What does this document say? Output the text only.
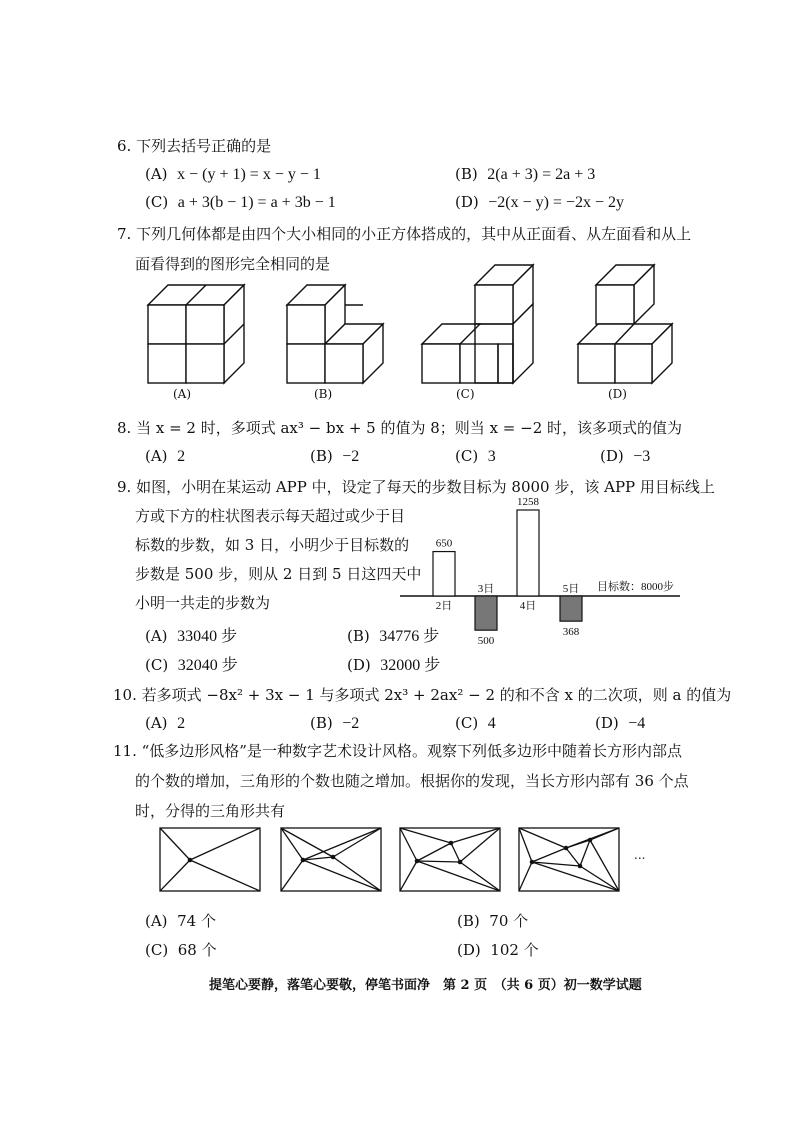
6. 下列去括号正确的是
(A) x − (y + 1) = x − y − 1	(B) 2(a + 3) = 2a + 3
(C) a + 3(b − 1) = a + 3b − 1	(D) −2(x − y) = −2x − 2y
7. 下列几何体都是由四个大小相同的小正方体搭成的，其中从正面看、从左面看和从上
面看得到的图形完全相同的是
(A)	(B)	(C)	(D)
8. 当 x = 2 时，多项式 ax³ − bx + 5 的值为 8；则当 x = −2 时，该多项式的值为
(A) 2	(B) −2	(C) 3	(D) −3
9. 如图，小明在某运动 APP 中，设定了每天的步数目标为 8000 步，该 APP 用目标线上
方或下方的柱状图表示每天超过或少于目
标数的步数，如 3 日，小明少于目标数的
步数是 500 步，则从 2 日到 5 日这四天中
小明一共走的步数为
目标数：8000步
650
2日
500
3日
1258
4日
368
5日
(A) 33040 步	(B) 34776 步
(C) 32040 步	(D) 32000 步
10. 若多项式 −8x² + 3x − 1 与多项式 2x³ + 2ax² − 2 的和不含 x 的二次项，则 a 的值为
(A) 2	(B) −2	(C) 4	(D) −4
11. “低多边形风格”是一种数字艺术设计风格。观察下列低多边形中随着长方形内部点
的个数的增加，三角形的个数也随之增加。根据你的发现，当长方形内部有 36 个点
时，分得的三角形共有
...
(A) 74 个	(B) 70 个
(C) 68 个	(D) 102 个
提笔心要静，落笔心要敬，停笔书面净　第 2 页　（共 6 页）初一数学试题
